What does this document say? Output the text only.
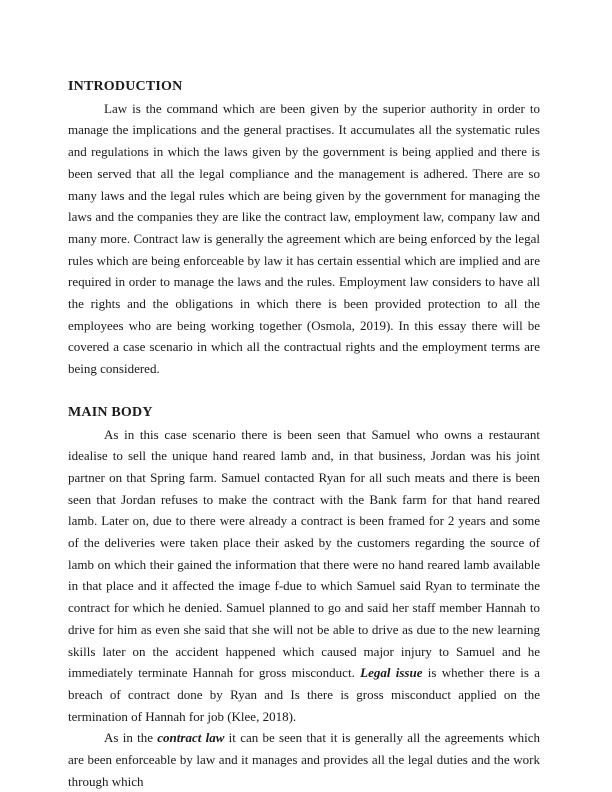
INTRODUCTION

Law is the command which are been given by the superior authority in order to manage the implications and the general practises. It accumulates all the systematic rules and regulations in which the laws given by the government is being applied and there is been served that all the legal compliance and the management is adhered. There are so many laws and the legal rules which are being given by the government for managing the laws and the companies they are like the contract law, employment law, company law and many more. Contract law is generally the agreement which are being enforced by the legal rules which are being enforceable by law it has certain essential which are implied and are required in order to manage the laws and the rules. Employment law considers to have all the rights and the obligations in which there is been provided protection to all the employees who are being working together (Osmola, 2019). In this essay there will be covered a case scenario in which all the contractual rights and the employment terms are being considered.

MAIN BODY

As in this case scenario there is been seen that Samuel who owns a restaurant idealise to sell the unique hand reared lamb and, in that business, Jordan was his joint partner on that Spring farm. Samuel contacted Ryan for all such meats and there is been seen that Jordan refuses to make the contract with the Bank farm for that hand reared lamb. Later on, due to there were already a contract is been framed for 2 years and some of the deliveries were taken place their asked by the customers regarding the source of lamb on which their gained the information that there were no hand reared lamb available in that place and it affected the image f-due to which Samuel said Ryan to terminate the contract for which he denied. Samuel planned to go and said her staff member Hannah to drive for him as even she said that she will not be able to drive as due to the new learning skills later on the accident happened which caused major injury to Samuel and he immediately terminate Hannah for gross misconduct. Legal issue is whether there is a breach of contract done by Ryan and Is there is gross misconduct applied on the termination of Hannah for job (Klee, 2018).

As in the contract law it can be seen that it is generally all the agreements which are been enforceable by law and it manages and provides all the legal duties and the work through which
